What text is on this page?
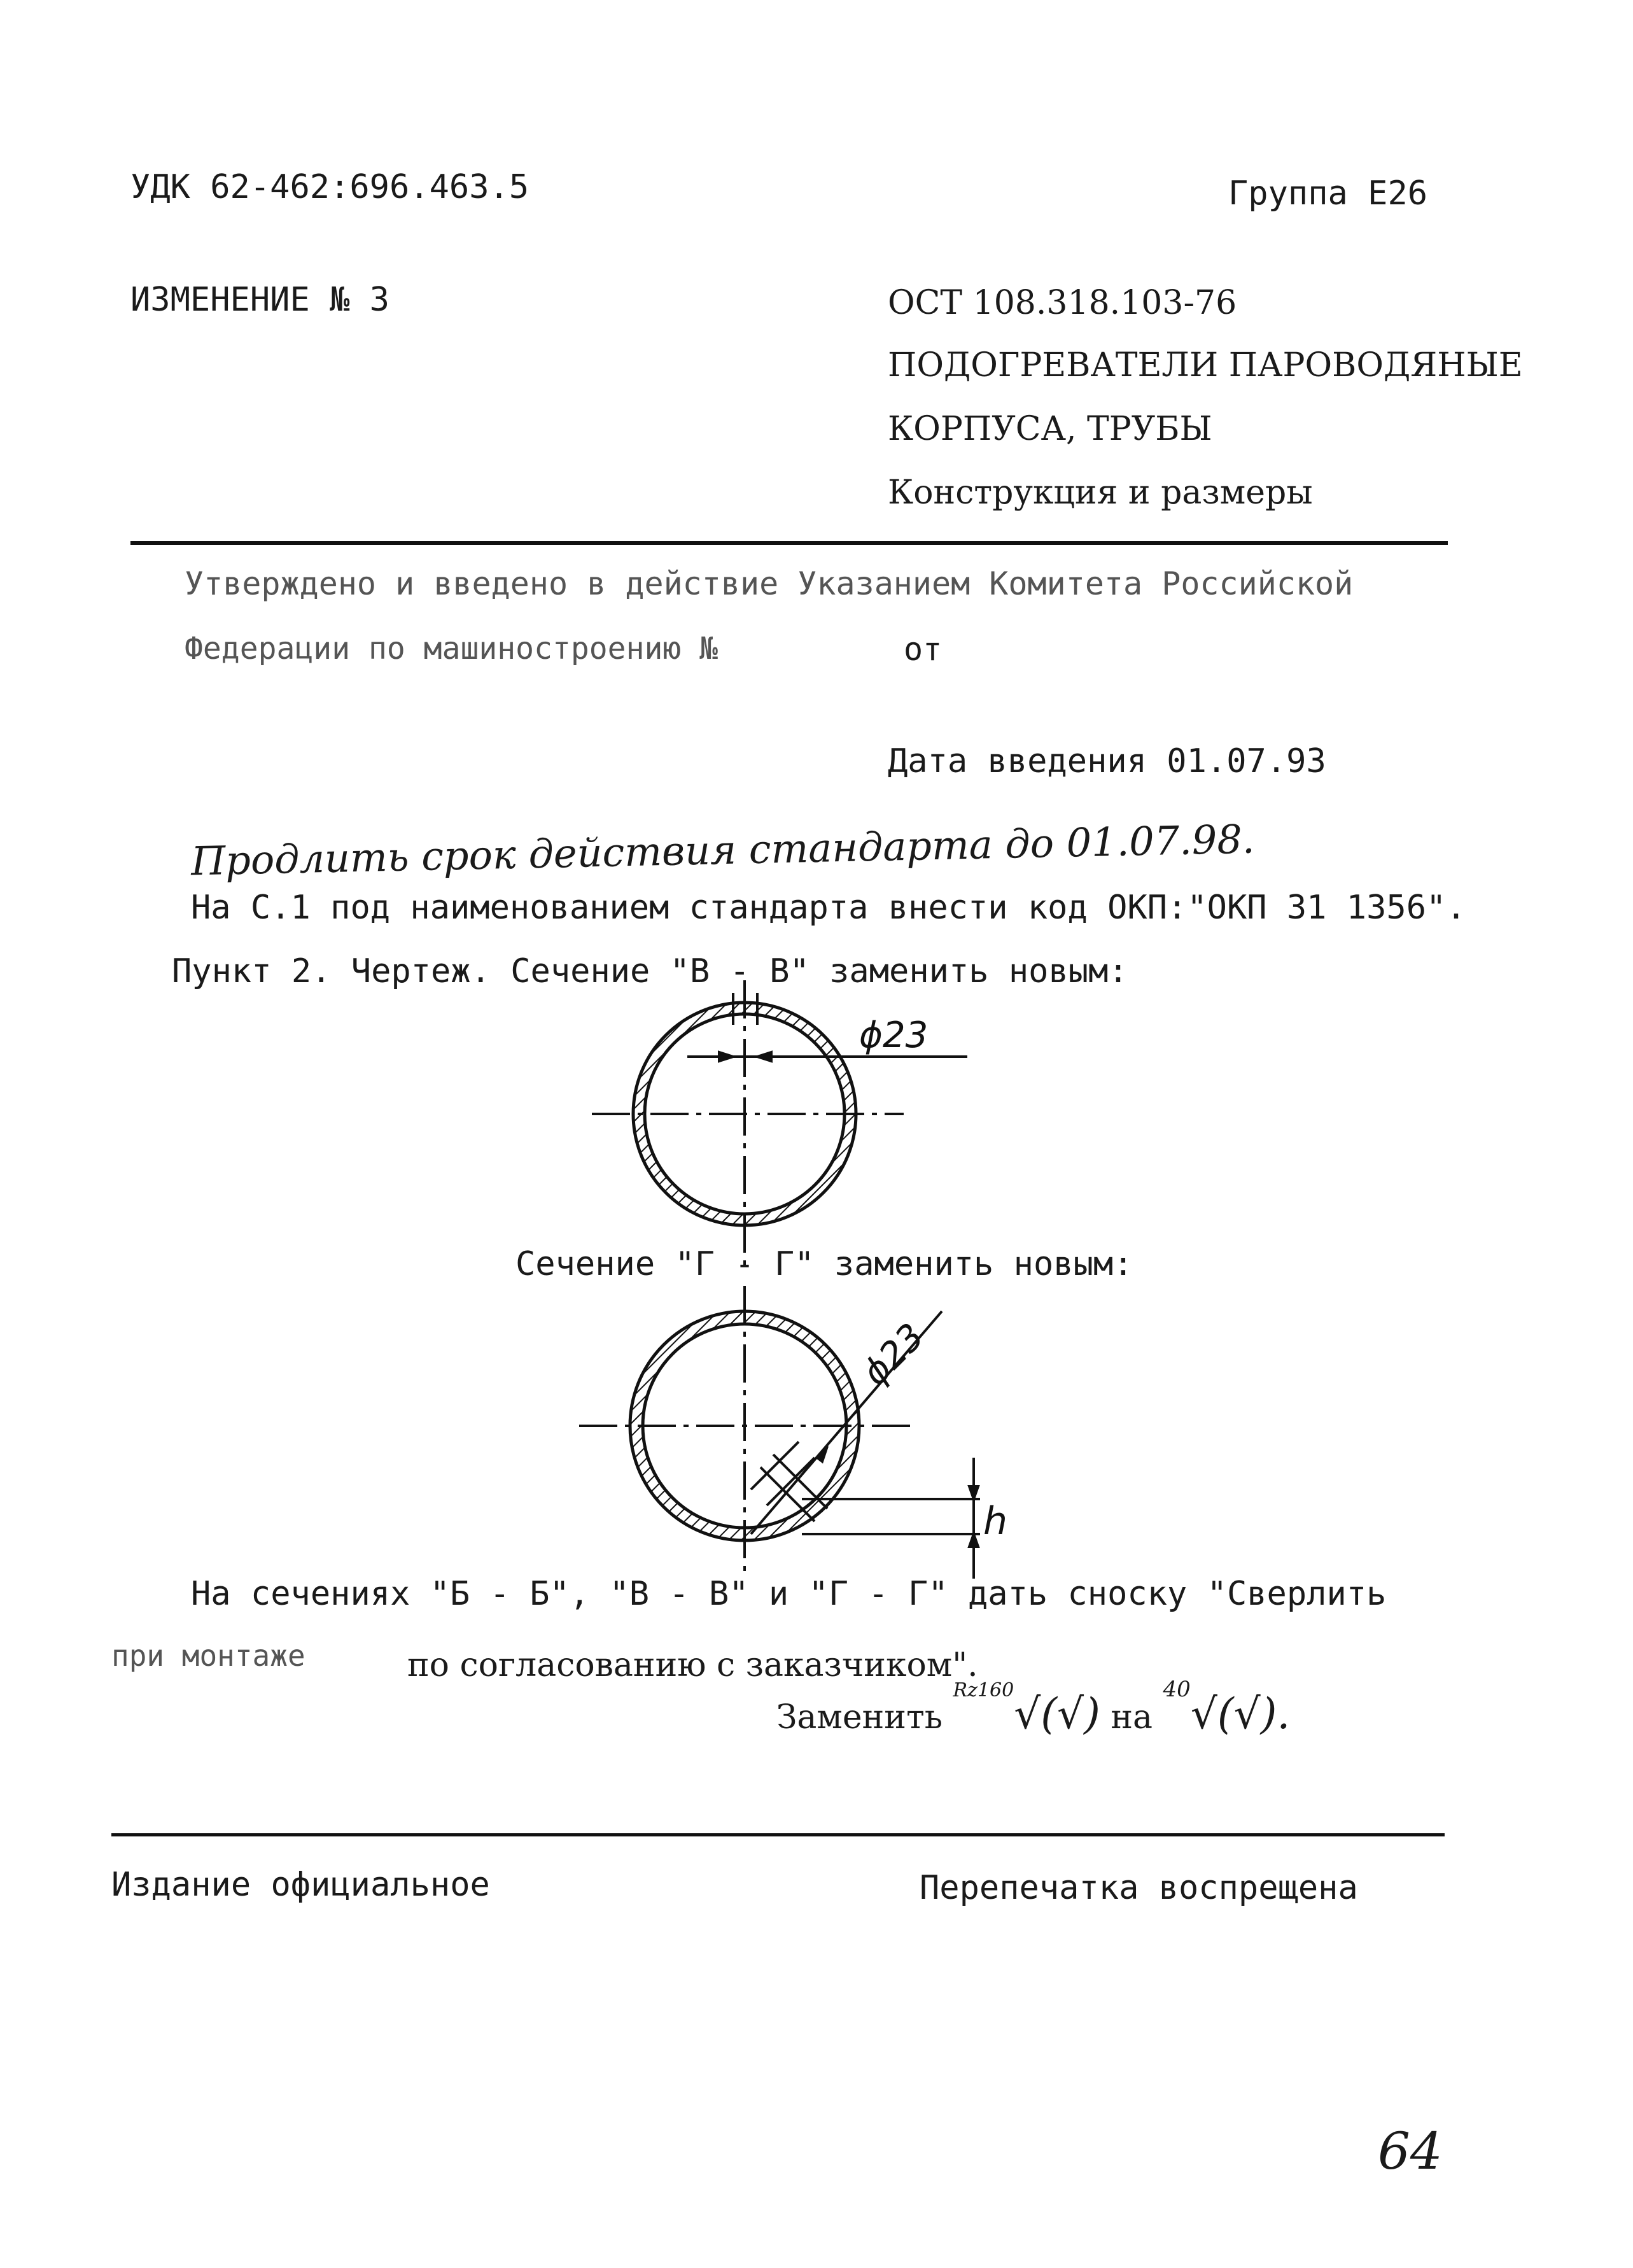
УДК 62-462:696.463.5	Группа Е26
ИЗМЕНЕНИЕ № 3	ОСТ 108.318.103-76
ПОДОГРЕВАТЕЛИ ПАРОВОДЯНЫЕ
КОРПУСА, ТРУБЫ
Конструкция и размеры
Утверждено и введено в действие Указанием Комитета Российской
Федерации по машиностроению №	от
Дата введения 01.07.93
Продлить срок действия стандарта до 01.07.98.
На С.1 под наименованием стандарта внести код ОКП:"ОКП 31 1356".
Пункт 2. Чертеж. Сечение "В - В" заменить новым:
ϕ23
Сечение "Г - Г" заменить новым:
ϕ23
h
На сечениях "Б - Б", "В - В" и "Г - Г" дать сноску "Сверлить
при монтаже	по согласованию с заказчиком".
Заменить $^{Rz160}$√(√) на $^{40}$√(√).
Издание официальное	Перепечатка воспрещена
64
